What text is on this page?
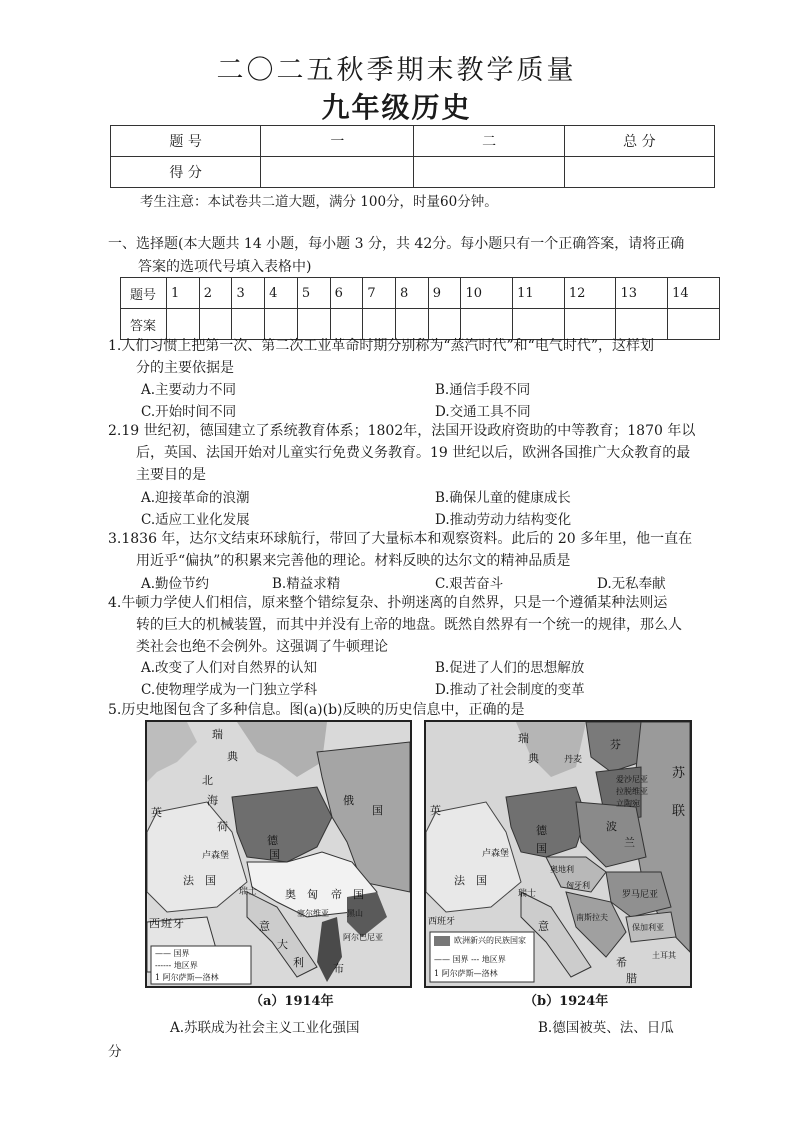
二〇二五秋季期末教学质量
九年级历史
题 号	一	二	总 分
得 分			
考生注意：本试卷共二道大题，满分 100分，时量60分钟。
一、选择题(本大题共 14 小题，每小题 3 分，共 42分。每小题只有一个正确答案，请将正确
答案的选项代号填入表格中)
题号	1	2	3	4	5	6	7	8	9	10	11	12	13	14
答案														
1.人们习惯上把第一次、第二次工业革命时期分别称为“蒸汽时代”和“电气时代”，这样划
分的主要依据是
A.主要动力不同	B.通信手段不同
C.开始时间不同	D.交通工具不同
2.19 世纪初，德国建立了系统教育体系；1802年，法国开设政府资助的中等教育；1870 年以
后，英国、法国开始对儿童实行免费义务教育。19 世纪以后，欧洲各国推广大众教育的最
主要目的是
A.迎接革命的浪潮	B.确保儿童的健康成长
C.适应工业化发展	D.推动劳动力结构变化
3.1836 年，达尔文结束环球航行，带回了大量标本和观察资料。此后的 20 多年里，他一直在
用近乎“偏执”的积累来完善他的理论。材料反映的达尔文的精神品质是
A.勤俭节约	B.精益求精	C.艰苦奋斗	D.无私奉献
4.牛顿力学使人们相信，原来整个错综复杂、扑朔迷离的自然界，只是一个遵循某种法则运
转的巨大的机械装置，而其中并没有上帝的地盘。既然自然界有一个统一的规律，那么人
类社会也绝不会例外。这强调了牛顿理论
A.改变了人们对自然界的认知	B.促进了人们的思想解放
C.使物理学成为一门独立学科	D.推动了社会制度的变革
5.历史地图包含了多种信息。图(a)(b)反映的历史信息中，正确的是
瑞
典
北
海
英
荷
俄
国
德
国
卢森堡
法 国
瑞士	奥 匈 帝 国
西 班 牙	意
大
利
塞尔维亚 黑山
阿尔巴尼亚
布
—— 国界
------ 地区界
1 阿尔萨斯—洛林
（a）1914年
瑞
典	丹麦
芬
苏
联
爱沙尼亚
拉脱维亚
立陶宛
英
德
国
波
兰
卢森堡
法 国
瑞士
奥地利
匈牙利
罗马尼亚
南斯拉夫
保加利亚
西班牙	意
希
腊
土耳其
欧洲新兴的民族国家
—— 国界 --- 地区界
1 阿尔萨斯—洛林
（b）1924年
A.苏联成为社会主义工业化强国	B.德国被英、法、日瓜
分
